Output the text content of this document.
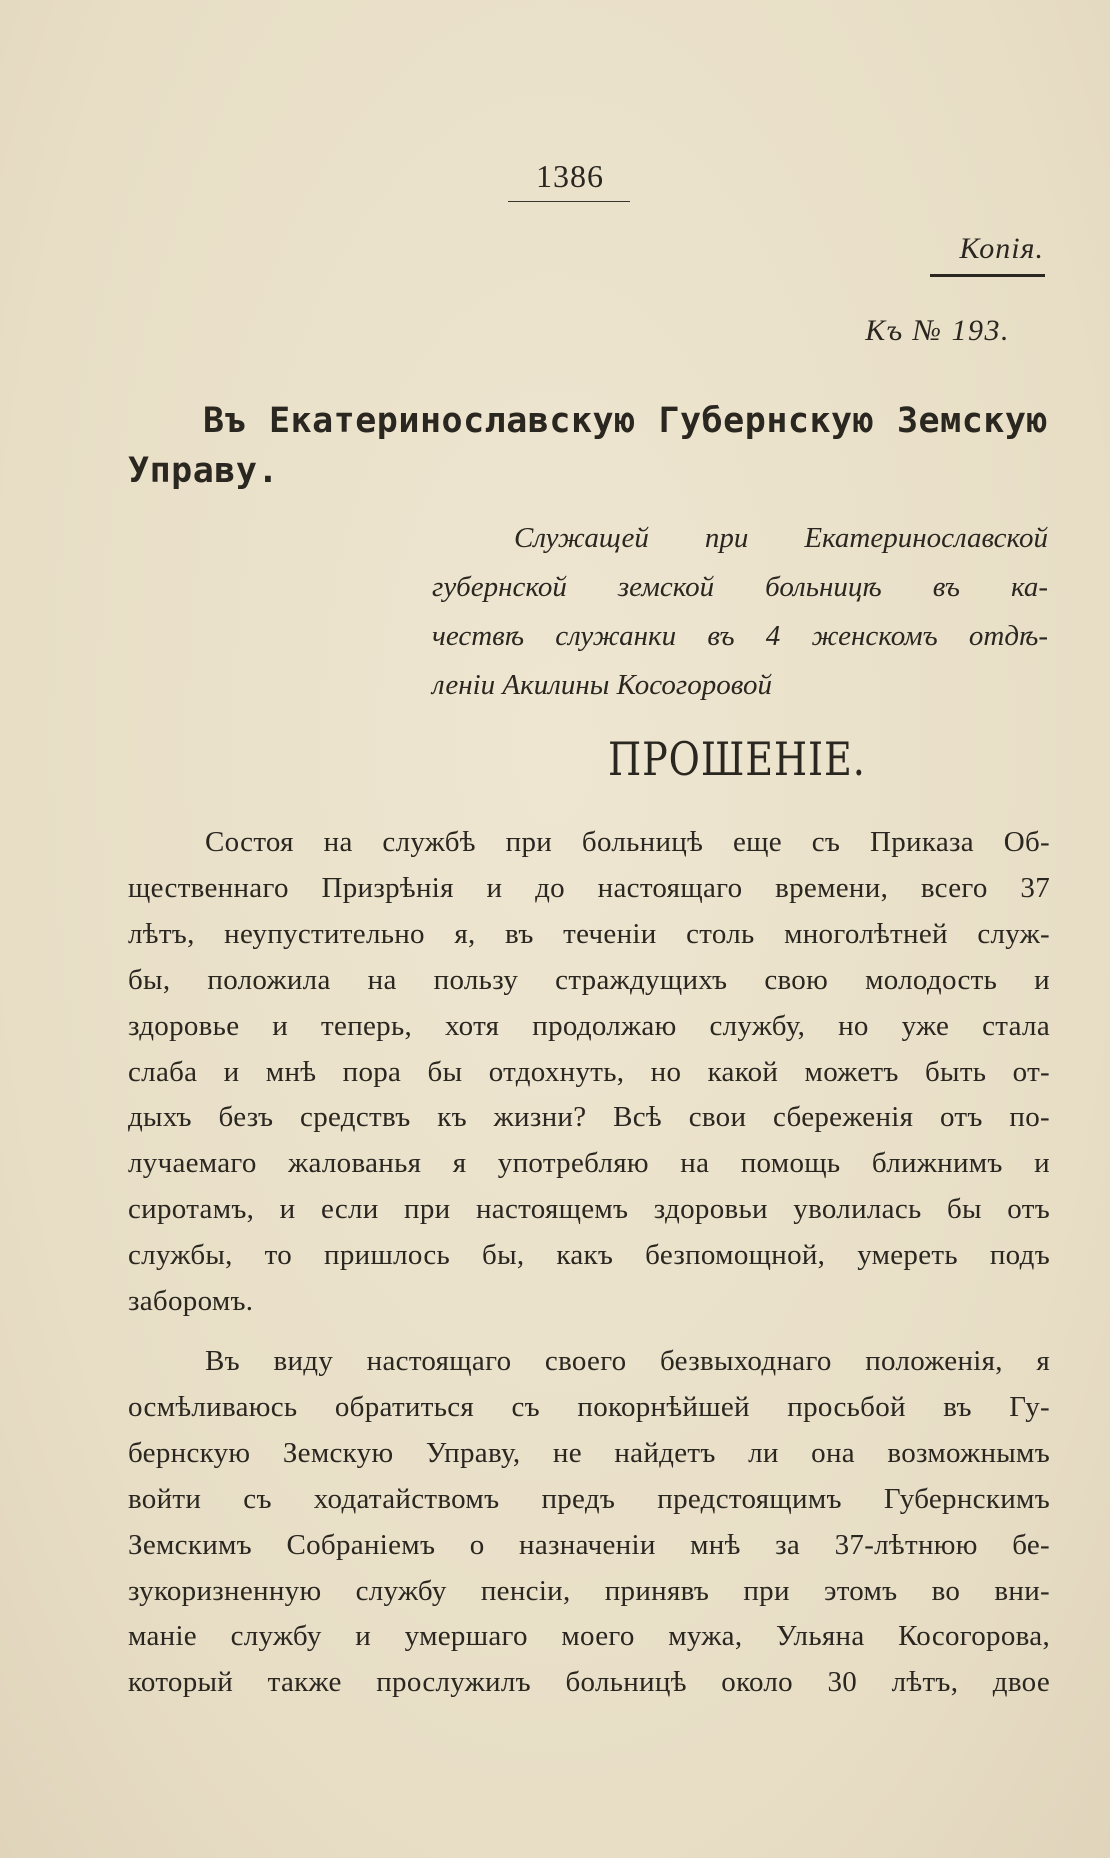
1386
Копія.
Къ № 193.
Въ Екатеринославскую Губернскую Земскую
Управу.
Служащей при Екатеринославской
губернской земской больницѣ въ ка-
чествѣ служанки въ 4 женскомъ отдѣ-
леніи Акилины Косогоровой
ПРОШЕНІЕ.
Состоя на службѣ при больницѣ еще съ Приказа Об-
щественнаго Призрѣнія и до настоящаго времени, всего 37
лѣтъ, неупустительно я, въ теченіи столь многолѣтней служ-
бы, положила на пользу страждущихъ свою молодость и
здоровье и теперь, хотя продолжаю службу, но уже стала
слаба и мнѣ пора бы отдохнуть, но какой можетъ быть от-
дыхъ безъ средствъ къ жизни? Всѣ свои сбереженія отъ по-
лучаемаго жалованья я употребляю на помощь ближнимъ и
сиротамъ, и если при настоящемъ здоровьи уволилась бы отъ
службы, то пришлось бы, какъ безпомощной, умереть подъ
заборомъ.
Въ виду настоящаго своего безвыходнаго положенія, я
осмѣливаюсь обратиться съ покорнѣйшей просьбой въ Гу-
бернскую Земскую Управу, не найдетъ ли она возможнымъ
войти съ ходатайствомъ предъ предстоящимъ Губернскимъ
Земскимъ Собраніемъ о назначеніи мнѣ за 37-лѣтнюю бе-
зукоризненную службу пенсіи, принявъ при этомъ во вни-
маніе службу и умершаго моего мужа, Ульяна Косогорова,
который также прослужилъ больницѣ около 30 лѣтъ, двое
